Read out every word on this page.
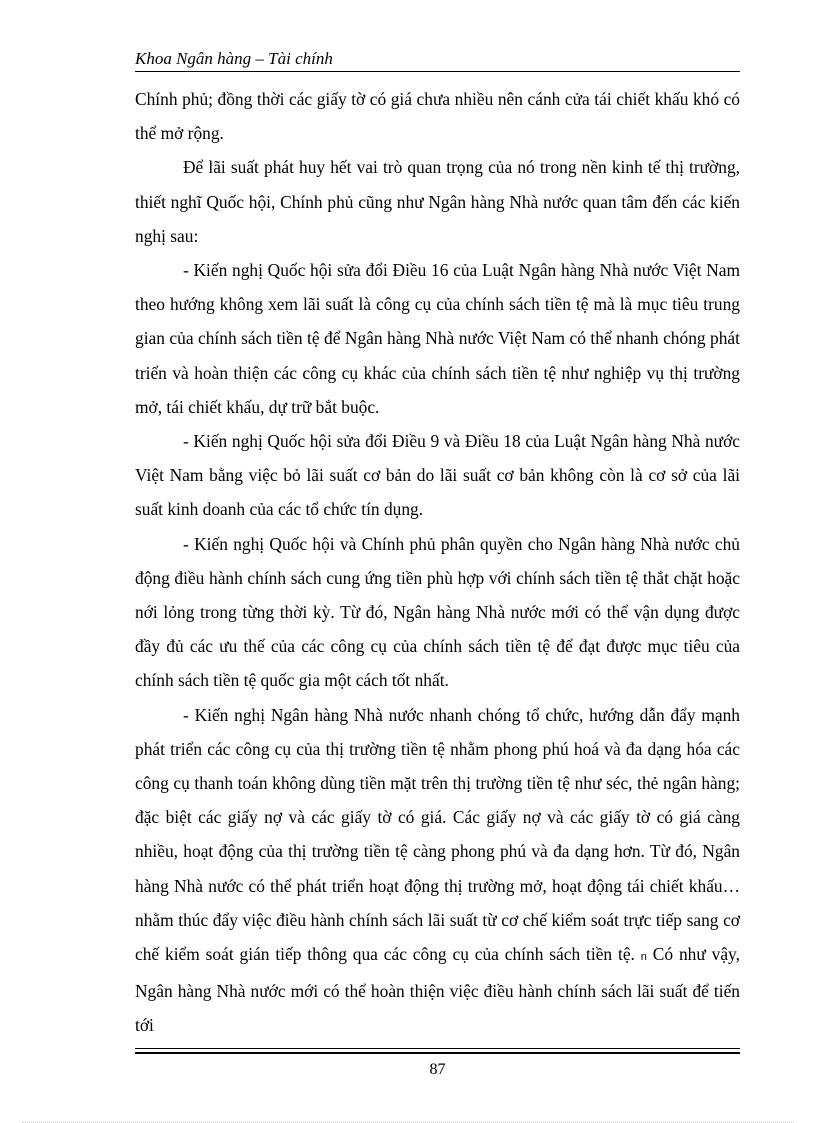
Khoa Ngân hàng – Tài chính

Chính phủ; đồng thời các giấy tờ có giá chưa nhiều nên cánh cửa tái chiết khấu khó có thể mở rộng.

Để lãi suất phát huy hết vai trò quan trọng của nó trong nền kinh tế thị trường, thiết nghĩ Quốc hội, Chính phủ cũng như Ngân hàng Nhà nước quan tâm đến các kiến nghị sau:

- Kiến nghị Quốc hội sửa đổi Điều 16 của Luật Ngân hàng Nhà nước Việt Nam theo hướng không xem lãi suất là công cụ của chính sách tiền tệ mà là mục tiêu trung gian của chính sách tiền tệ để Ngân hàng Nhà nước Việt Nam có thể nhanh chóng phát triển và hoàn thiện các công cụ khác của chính sách tiền tệ như nghiệp vụ thị trường mở, tái chiết khấu, dự trữ bắt buộc.

- Kiến nghị Quốc hội sửa đổi Điều 9 và Điều 18 của Luật Ngân hàng Nhà nước Việt Nam bằng việc bỏ lãi suất cơ bản do lãi suất cơ bản không còn là cơ sở của lãi suất kinh doanh của các tổ chức tín dụng.

- Kiến nghị Quốc hội và Chính phủ phân quyền cho Ngân hàng Nhà nước chủ động điều hành chính sách cung ứng tiền phù hợp với chính sách tiền tệ thắt chặt hoặc nới lỏng trong từng thời kỳ. Từ đó, Ngân hàng Nhà nước mới có thể vận dụng được đầy đủ các ưu thế của các công cụ của chính sách tiền tệ để đạt được mục tiêu của chính sách tiền tệ quốc gia một cách tốt nhất.

- Kiến nghị Ngân hàng Nhà nước nhanh chóng tổ chức, hướng dẫn đẩy mạnh phát triển các công cụ của thị trường tiền tệ nhằm phong phú hoá và đa dạng hóa các công cụ thanh toán không dùng tiền mặt trên thị trường tiền tệ như séc, thẻ ngân hàng; đặc biệt các giấy nợ và các giấy tờ có giá. Các giấy nợ và các giấy tờ có giá càng nhiều, hoạt động của thị trường tiền tệ càng phong phú và đa dạng hơn. Từ đó, Ngân hàng Nhà nước có thể phát triển hoạt động thị trường mở, hoạt động tái chiết khấu… nhằm thúc đẩy việc điều hành chính sách lãi suất từ cơ chế kiểm soát trực tiếp sang cơ chế kiểm soát gián tiếp thông qua các công cụ của chính sách tiền tệ. n Có như vậy, Ngân hàng Nhà nước mới có thể hoàn thiện việc điều hành chính sách lãi suất để tiến tới

87
